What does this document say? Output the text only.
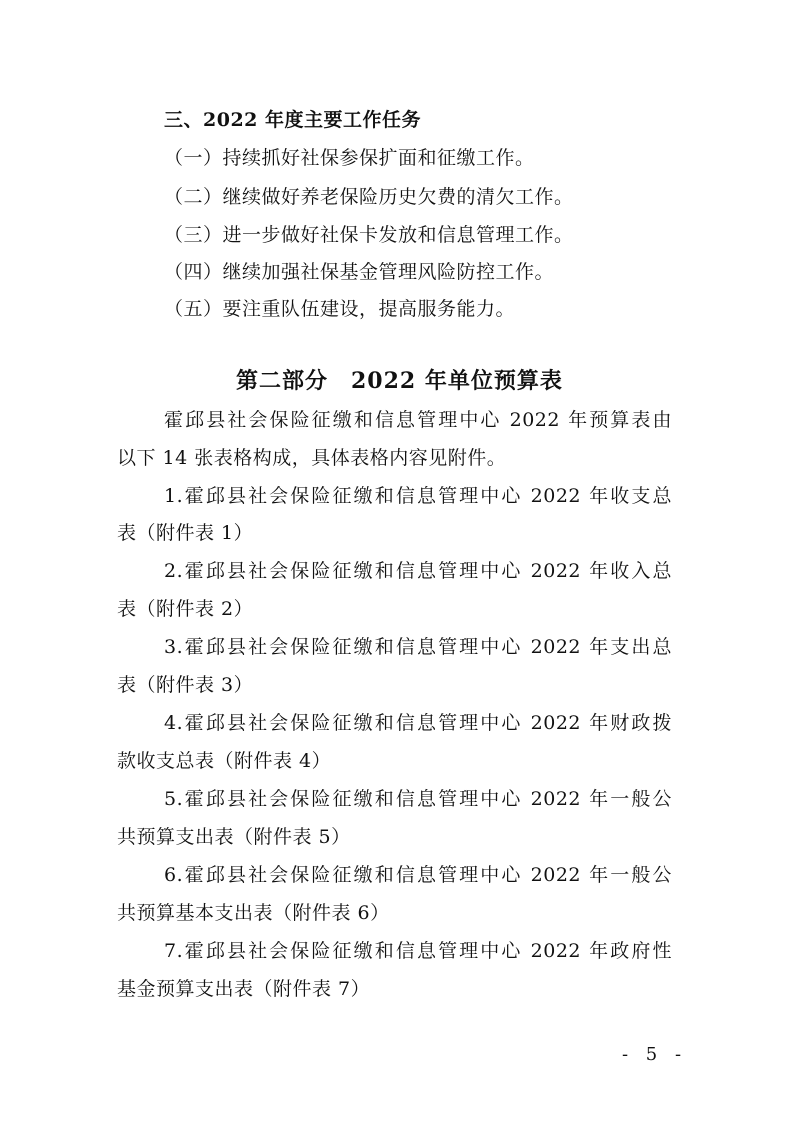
三、2022 年度主要工作任务
（一）持续抓好社保参保扩面和征缴工作。
（二）继续做好养老保险历史欠费的清欠工作。
（三）进一步做好社保卡发放和信息管理工作。
（四）继续加强社保基金管理风险防控工作。
（五）要注重队伍建设，提高服务能力。
第二部分　2022 年单位预算表
霍邱县社会保险征缴和信息管理中心 2022 年预算表由
以下 14 张表格构成，具体表格内容见附件。
1.霍邱县社会保险征缴和信息管理中心 2022 年收支总
表（附件表 1）
2.霍邱县社会保险征缴和信息管理中心 2022 年收入总
表（附件表 2）
3.霍邱县社会保险征缴和信息管理中心 2022 年支出总
表（附件表 3）
4.霍邱县社会保险征缴和信息管理中心 2022 年财政拨
款收支总表（附件表 4）
5.霍邱县社会保险征缴和信息管理中心 2022 年一般公
共预算支出表（附件表 5）
6.霍邱县社会保险征缴和信息管理中心 2022 年一般公
共预算基本支出表（附件表 6）
7.霍邱县社会保险征缴和信息管理中心 2022 年政府性
基金预算支出表（附件表 7）
- 5 -
